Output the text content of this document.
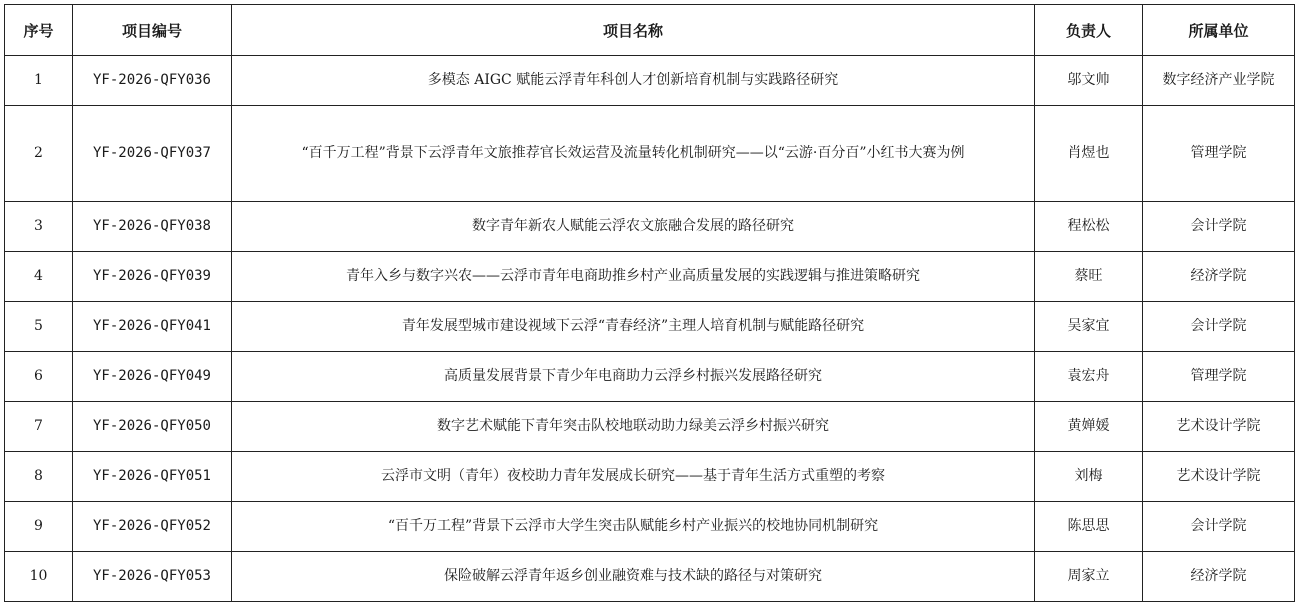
序号	项目编号	项目名称	负责人	所属单位
1	YF-2026-QFY036	多模态 AIGC 赋能云浮青年科创人才创新培育机制与实践路径研究	邬文帅	数字经济产业学院
2	YF-2026-QFY037	“百千万工程”背景下云浮青年文旅推荐官长效运营及流量转化机制研究——以“云游·百分百”小红书大赛为例	肖煜也	管理学院
3	YF-2026-QFY038	数字青年新农人赋能云浮农文旅融合发展的路径研究	程松松	会计学院
4	YF-2026-QFY039	青年入乡与数字兴农——云浮市青年电商助推乡村产业高质量发展的实践逻辑与推进策略研究	蔡旺	经济学院
5	YF-2026-QFY041	青年发展型城市建设视域下云浮“青春经济”主理人培育机制与赋能路径研究	吴家宜	会计学院
6	YF-2026-QFY049	高质量发展背景下青少年电商助力云浮乡村振兴发展路径研究	袁宏舟	管理学院
7	YF-2026-QFY050	数字艺术赋能下青年突击队校地联动助力绿美云浮乡村振兴研究	黄婵媛	艺术设计学院
8	YF-2026-QFY051	云浮市文明（青年）夜校助力青年发展成长研究——基于青年生活方式重塑的考察	刘梅	艺术设计学院
9	YF-2026-QFY052	“百千万工程”背景下云浮市大学生突击队赋能乡村产业振兴的校地协同机制研究	陈思思	会计学院
10	YF-2026-QFY053	保险破解云浮青年返乡创业融资难与技术缺的路径与对策研究	周家立	经济学院
